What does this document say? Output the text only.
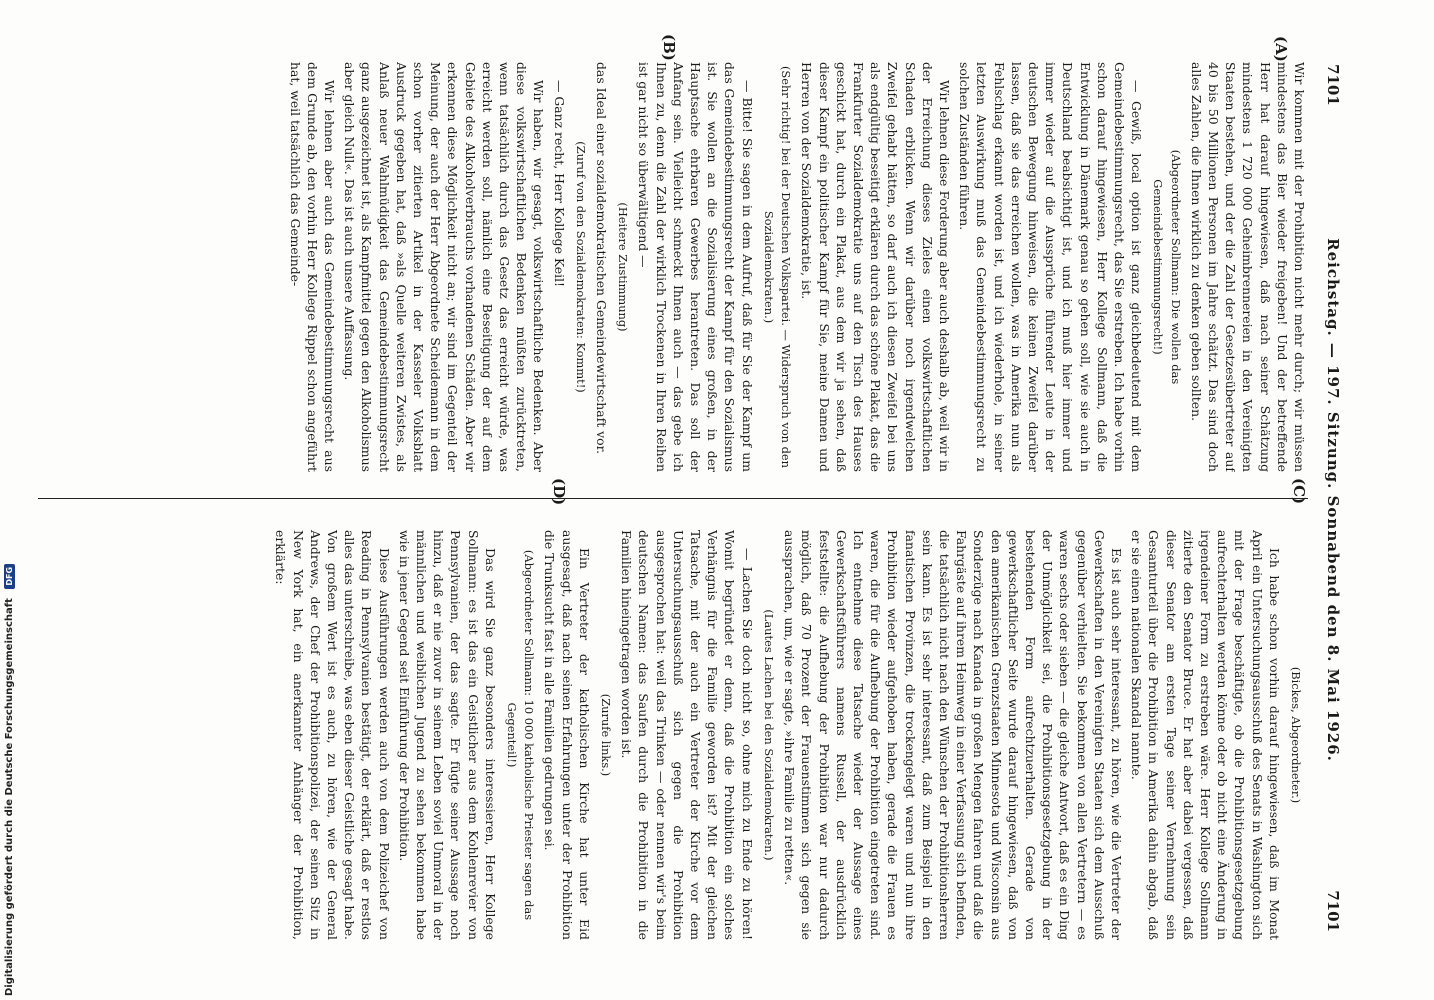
7101
Reichstag. — 197. Sitzung. Sonnabend den 8. Mai 1926.
7101

Wir kommen mit der Prohibition nicht mehr durch; wir müssen mindestens das Bier wieder freigeben! Und der betreffende Herr hat darauf hingewiesen, daß nach seiner Schätzung mindestens 1 720 000 Geheimbrennereien in den Vereinigten Staaten bestehen, und der die Zahl der Gesetzesübertreter auf 40 bis 50 Millionen Personen im Jahre schätzt. Das sind doch alles Zahlen, die Ihnen wirklich zu denken geben sollten.

(Abgeordneter Sollmann: Die wollen das Gemeindebestimmungsrecht!)

— Gewiß, local option ist ganz gleichbedeutend mit dem Gemeindebestimmungsrecht, das Sie erstreben. Ich habe vorhin schon darauf hingewiesen, Herr Kollege Sollmann, daß die Entwicklung in Dänemark genau so gehen soll, wie sie auch in Deutschland beabsichtigt ist, und ich muß hier immer und immer wieder auf die Aussprüche führender Leute in der deutschen Bewegung hinweisen, die keinen Zweifel darüber lassen, daß sie das erreichen wollen, was in Amerika nun als Fehlschlag erkannt worden ist, und ich wiederhole, in seiner letzten Auswirkung muß das Gemeindebestimmungsrecht zu solchen Zuständen führen.

Wir lehnen diese Forderung aber auch deshalb ab, weil wir in der Erreichung dieses Zieles einen volkswirtschaftlichen Schaden erblicken. Wenn wir darüber noch irgendwelchen Zweifel gehabt hätten, so darf auch ich diesen Zweifel bei uns als endgültig beseitigt erklären durch das schöne Plakat, das die Frankfurter Sozialdemokratie uns auf den Tisch des Hauses geschickt hat, durch ein Plakat, aus dem wir ja sehen, daß dieser Kampf ein politischer Kampf für Sie, meine Damen und Herren von der Sozialdemokratie, ist.

(Sehr richtig! bei der Deutschen Volkspartei. — Widerspruch von den Sozialdemokraten.)

— Bitte! Sie sagen in dem Aufruf, daß für Sie der Kampf um das Gemeindebestimmungsrecht der Kampf für den Sozialismus ist. Sie wollen an die Sozialisierung eines großen, in der Hauptsache ehrbaren Gewerbes herantreten. Das soll der Anfang sein. Vielleicht schmeckt Ihnen auch — das gebe ich Ihnen zu, denn die Zahl der wirklich Trockenen in Ihren Reihen ist gar nicht so überwältigend —

(Heitere Zustimmung)

das Ideal einer sozialdemokratischen Gemeindewirtschaft vor.

(Zuruf von den Sozialdemokraten: Kommt!)

— Ganz recht, Herr Kollege Keil!

Wir haben, wir gesagt, volkswirtschaftliche Bedenken. Aber diese volkswirtschaftlichen Bedenken müßten zurücktreten, wenn tatsächlich durch das Gesetz das erreicht würde, was erreicht werden soll, nämlich eine Beseitigung der auf dem Gebiete des Alkoholverbrauchs vorhandenen Schäden. Aber wir erkennen diese Möglichkeit nicht an; wir sind im Gegenteil der Meinung, der auch der Herr Abgeordnete Scheidemann in dem schon vorher zitierten Artikel in der Kasseler Volksblatt Ausdruck gegeben hat, daß »als Quelle weiteren Zwistes, als Anlaß neuer Wahlmüdigkeit das Gemeindebestimmungsrecht ganz ausgezeichnet ist, als Kampfmittel gegen den Alkoholismus aber gleich Null«. Das ist auch unsere Auffassung.

Wir lehnen aber auch das Gemeindebestimmungsrecht aus dem Grunde ab, den vorhin Herr Kollege Rippel schon angeführt hat, weil tatsächlich das Gemeinde-

(Bickes, Abgeordneter.)

Ich habe schon vorhin darauf hingewiesen, daß im Monat April ein Untersuchungsausschuß des Senats in Washington sich mit der Frage beschäftigte, ob die Prohibitionsgesetzgebung aufrechterhalten werden könne oder ob nicht eine Änderung in irgendeiner Form zu erstreben wäre. Herr Kollege Sollmann zitierte den Senator Bruce. Er hat aber dabei vergessen, daß dieser Senator am ersten Tage seiner Vernehmung sein Gesamturteil über die Prohibition in Amerika dahin abgab, daß er sie einen nationalen Skandal nannte.

Es ist auch sehr interessant, zu hören, wie die Vertreter der Gewerkschaften in den Vereinigten Staaten sich dem Ausschuß gegenüber verhielten. Sie bekommen von allen Vertretern — es waren sechs oder sieben — die gleiche Antwort, daß es ein Ding der Unmöglichkeit sei, die Prohibitionsgesetzgebung in der bestehenden Form aufrechtzuerhalten. Gerade von gewerkschaftlicher Seite wurde darauf hingewiesen, daß von den amerikanischen Grenzstaaten Minnesota und Wisconsin aus Sonderzüge nach Kanada in großen Mengen fahren und daß die Fahrgäste auf ihrem Heimweg in einer Verfassung sich befinden, die tatsächlich nicht nach den Wünschen der Prohibitionsherren sein kann. Es ist sehr interessant, daß zum Beispiel in den fanatischen Provinzen, die trockengelegt waren und nun ihre Prohibition wieder aufgehoben haben, gerade die Frauen es waren, die für die Aufhebung der Prohibition eingetreten sind. Ich entnehme diese Tatsache wieder der Aussage eines Gewerkschaftsführers namens Russell, der ausdrücklich feststellte: die Aufhebung der Prohibition war nur dadurch möglich, daß 70 Prozent der Frauenstimmen sich gegen sie aussprachen, um, wie er sagte, »ihre Familie zu retten«.

(Lautes Lachen bei den Sozialdemokraten.)

— Lachen Sie doch nicht so, ohne mich zu Ende zu hören! Womit begründet er denn, daß die Prohibition ein solches Verhängnis für die Familie geworden ist? Mit der gleichen Tatsache, mit der auch ein Vertreter der Kirche vor dem Untersuchungsausschuß sich gegen die Prohibition ausgesprochen hat: weil das Trinken — oder nennen wir's beim deutschen Namen: das Saufen durch die Prohibition in die Familien hineingetragen worden ist.

(Zurufe links.)

Ein Vertreter der katholischen Kirche hat unter Eid ausgesagt, daß nach seinen Erfahrungen unter der Prohibition die Trunksucht fast in alle Familien gedrungen sei.

(Abgeordneter Sollmann: 10 000 katholische Priester sagen das Gegenteil!)

Das wird Sie ganz besonders interessieren, Herr Kollege Sollmann: es ist das ein Geistlicher aus dem Kohlenrevier von Pennsylvanien, der das sagte. Er fügte seiner Aussage noch hinzu, daß er nie zuvor in seinem Leben soviel Unmoral in der männlichen und weiblichen Jugend zu sehen bekommen habe wie in jener Gegend seit Einführung der Prohibition.

Diese Ausführungen werden auch von dem Polizeichef von Reading in Pennsylvanien bestätigt, der erklärt, daß er restlos alles das unterschreibe, was eben dieser Geistliche gesagt habe. Von großem Wert ist es auch, zu hören, wie der General Andrews, der Chef der Prohibitionspolizei, der seinen Sitz in New York hat, ein anerkannter Anhänger der Prohibition, erklärte:

(A)
(B)
(C)
(D)
Digitalisierung gefördert durch die Deutsche Forschungsgemeinschaft DFG
